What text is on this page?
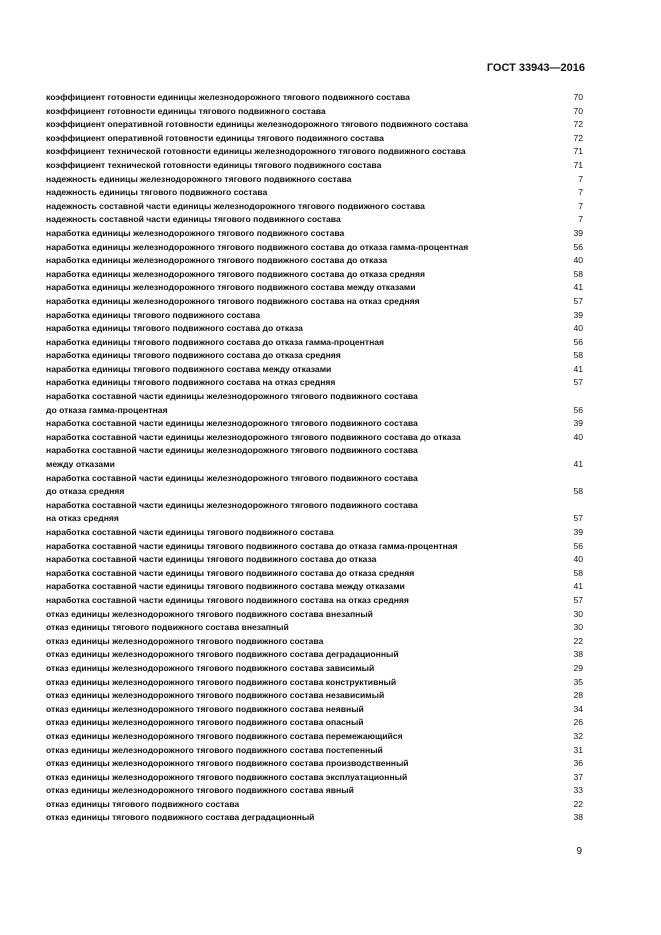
ГОСТ 33943—2016
коэффициент готовности единицы железнодорожного тягового подвижного состава	70
коэффициент готовности единицы тягового подвижного состава	70
коэффициент оперативной готовности единицы железнодорожного тягового подвижного состава	72
коэффициент оперативной готовности единицы тягового подвижного состава	72
коэффициент технической готовности единицы железнодорожного тягового подвижного состава	71
коэффициент технической готовности единицы тягового подвижного состава	71
надежность единицы железнодорожного тягового подвижного состава	7
надежность единицы тягового подвижного состава	7
надежность составной части единицы железнодорожного тягового подвижного состава	7
надежность составной части единицы тягового подвижного состава	7
наработка единицы железнодорожного тягового подвижного состава	39
наработка единицы железнодорожного тягового подвижного состава до отказа гамма-процентная	56
наработка единицы железнодорожного тягового подвижного состава до отказа	40
наработка единицы железнодорожного тягового подвижного состава до отказа средняя	58
наработка единицы железнодорожного тягового подвижного состава между отказами	41
наработка единицы железнодорожного тягового подвижного состава на отказ средняя	57
наработка единицы тягового подвижного состава	39
наработка единицы тягового подвижного состава до отказа	40
наработка единицы тягового подвижного состава до отказа гамма-процентная	56
наработка единицы тягового подвижного состава до отказа средняя	58
наработка единицы тягового подвижного состава между отказами	41
наработка единицы тягового подвижного состава на отказ средняя	57
наработка составной части единицы железнодорожного тягового подвижного состава
до отказа гамма-процентная	56
наработка составной части единицы железнодорожного тягового подвижного состава	39
наработка составной части единицы железнодорожного тягового подвижного состава до отказа	40
наработка составной части единицы железнодорожного тягового подвижного состава
между отказами	41
наработка составной части единицы железнодорожного тягового подвижного состава
до отказа средняя	58
наработка составной части единицы железнодорожного тягового подвижного состава
на отказ средняя	57
наработка составной части единицы тягового подвижного состава	39
наработка составной части единицы тягового подвижного состава до отказа гамма-процентная	56
наработка составной части единицы тягового подвижного состава до отказа	40
наработка составной части единицы тягового подвижного состава до отказа средняя	58
наработка составной части единицы тягового подвижного состава между отказами	41
наработка составной части единицы тягового подвижного состава на отказ средняя	57
отказ единицы железнодорожного тягового подвижного состава внезапный	30
отказ единицы тягового подвижного состава внезапный	30
отказ единицы железнодорожного тягового подвижного состава	22
отказ единицы железнодорожного тягового подвижного состава деградационный	38
отказ единицы железнодорожного тягового подвижного состава зависимый	29
отказ единицы железнодорожного тягового подвижного состава конструктивный	35
отказ единицы железнодорожного тягового подвижного состава независимый	28
отказ единицы железнодорожного тягового подвижного состава неявный	34
отказ единицы железнодорожного тягового подвижного состава опасный	26
отказ единицы железнодорожного тягового подвижного состава перемежающийся	32
отказ единицы железнодорожного тягового подвижного состава постепенный	31
отказ единицы железнодорожного тягового подвижного состава производственный	36
отказ единицы железнодорожного тягового подвижного состава эксплуатационный	37
отказ единицы железнодорожного тягового подвижного состава явный	33
отказ единицы тягового подвижного состава	22
отказ единицы тягового подвижного состава деградационный	38
9
